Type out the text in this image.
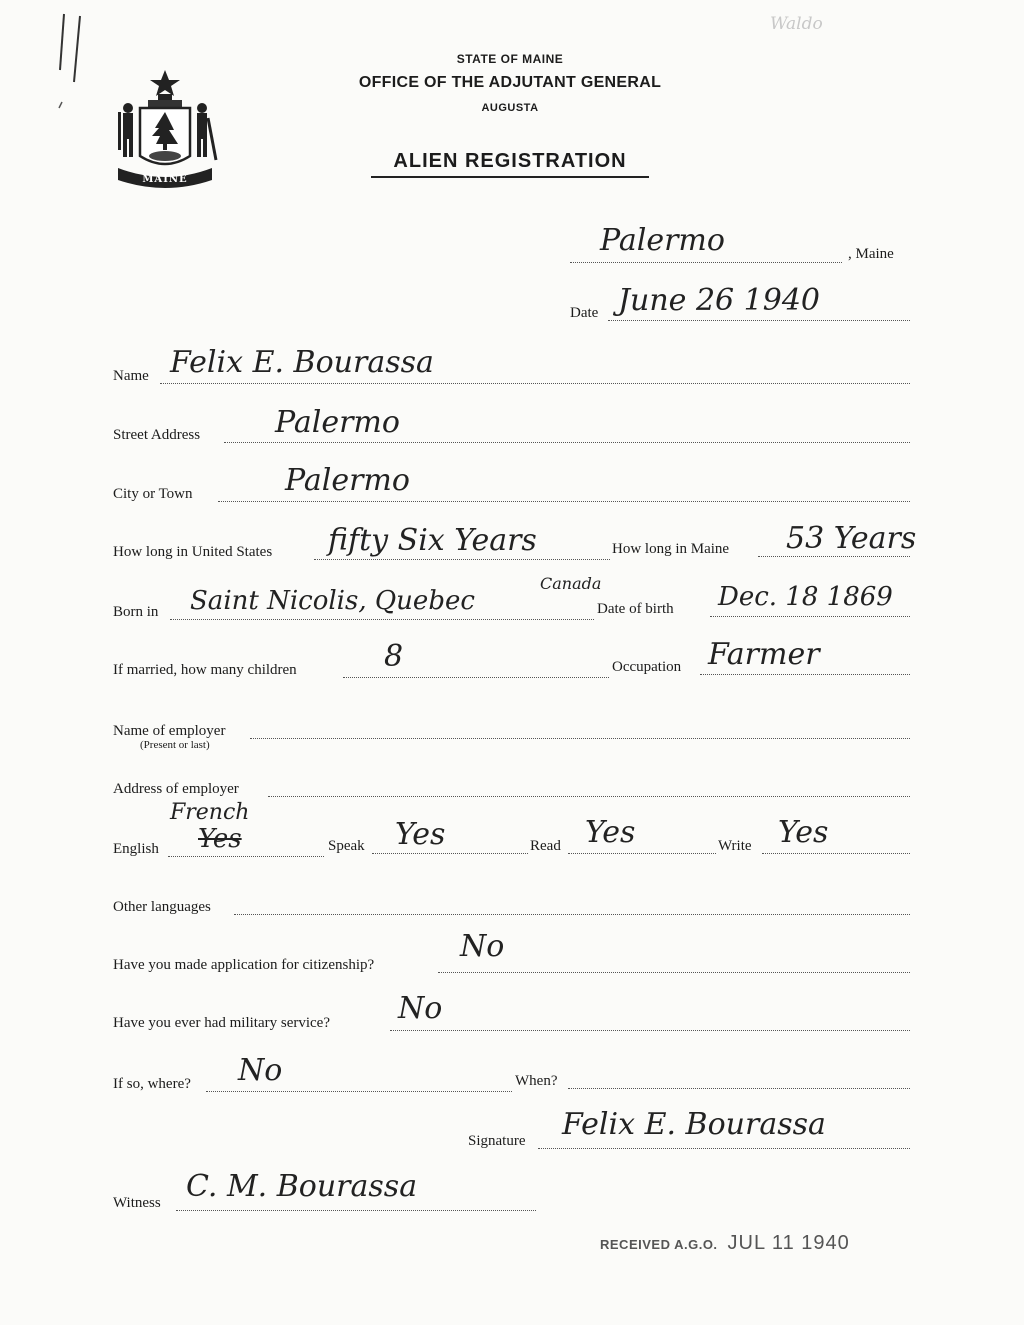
Waldo
MAINE
STATE OF MAINE
OFFICE OF THE ADJUTANT GENERAL
AUGUSTA
ALIEN REGISTRATION
Palermo	, Maine
Date June 26 1940
Name Felix E. Bourassa
Street Address Palermo
City or Town	Palermo
How long in United States fifty Six Years	How long in Maine 53 Years
Born in Saint Nicolis, Quebec
Canada
Date of birth Dec. 18 1869
If married, how many children	8	Occupation Farmer
Name of employer
(Present or last)
Address of employer
French
English Yes	Speak Yes	Read Yes	Write Yes
Other languages
Have you made application for citizenship?
No
Have you ever had military service? No
If so, where? No	When?
Signature Felix E. Bourassa
Witness C. M. Bourassa
RECEIVED A.G.O. JUL 11 1940
